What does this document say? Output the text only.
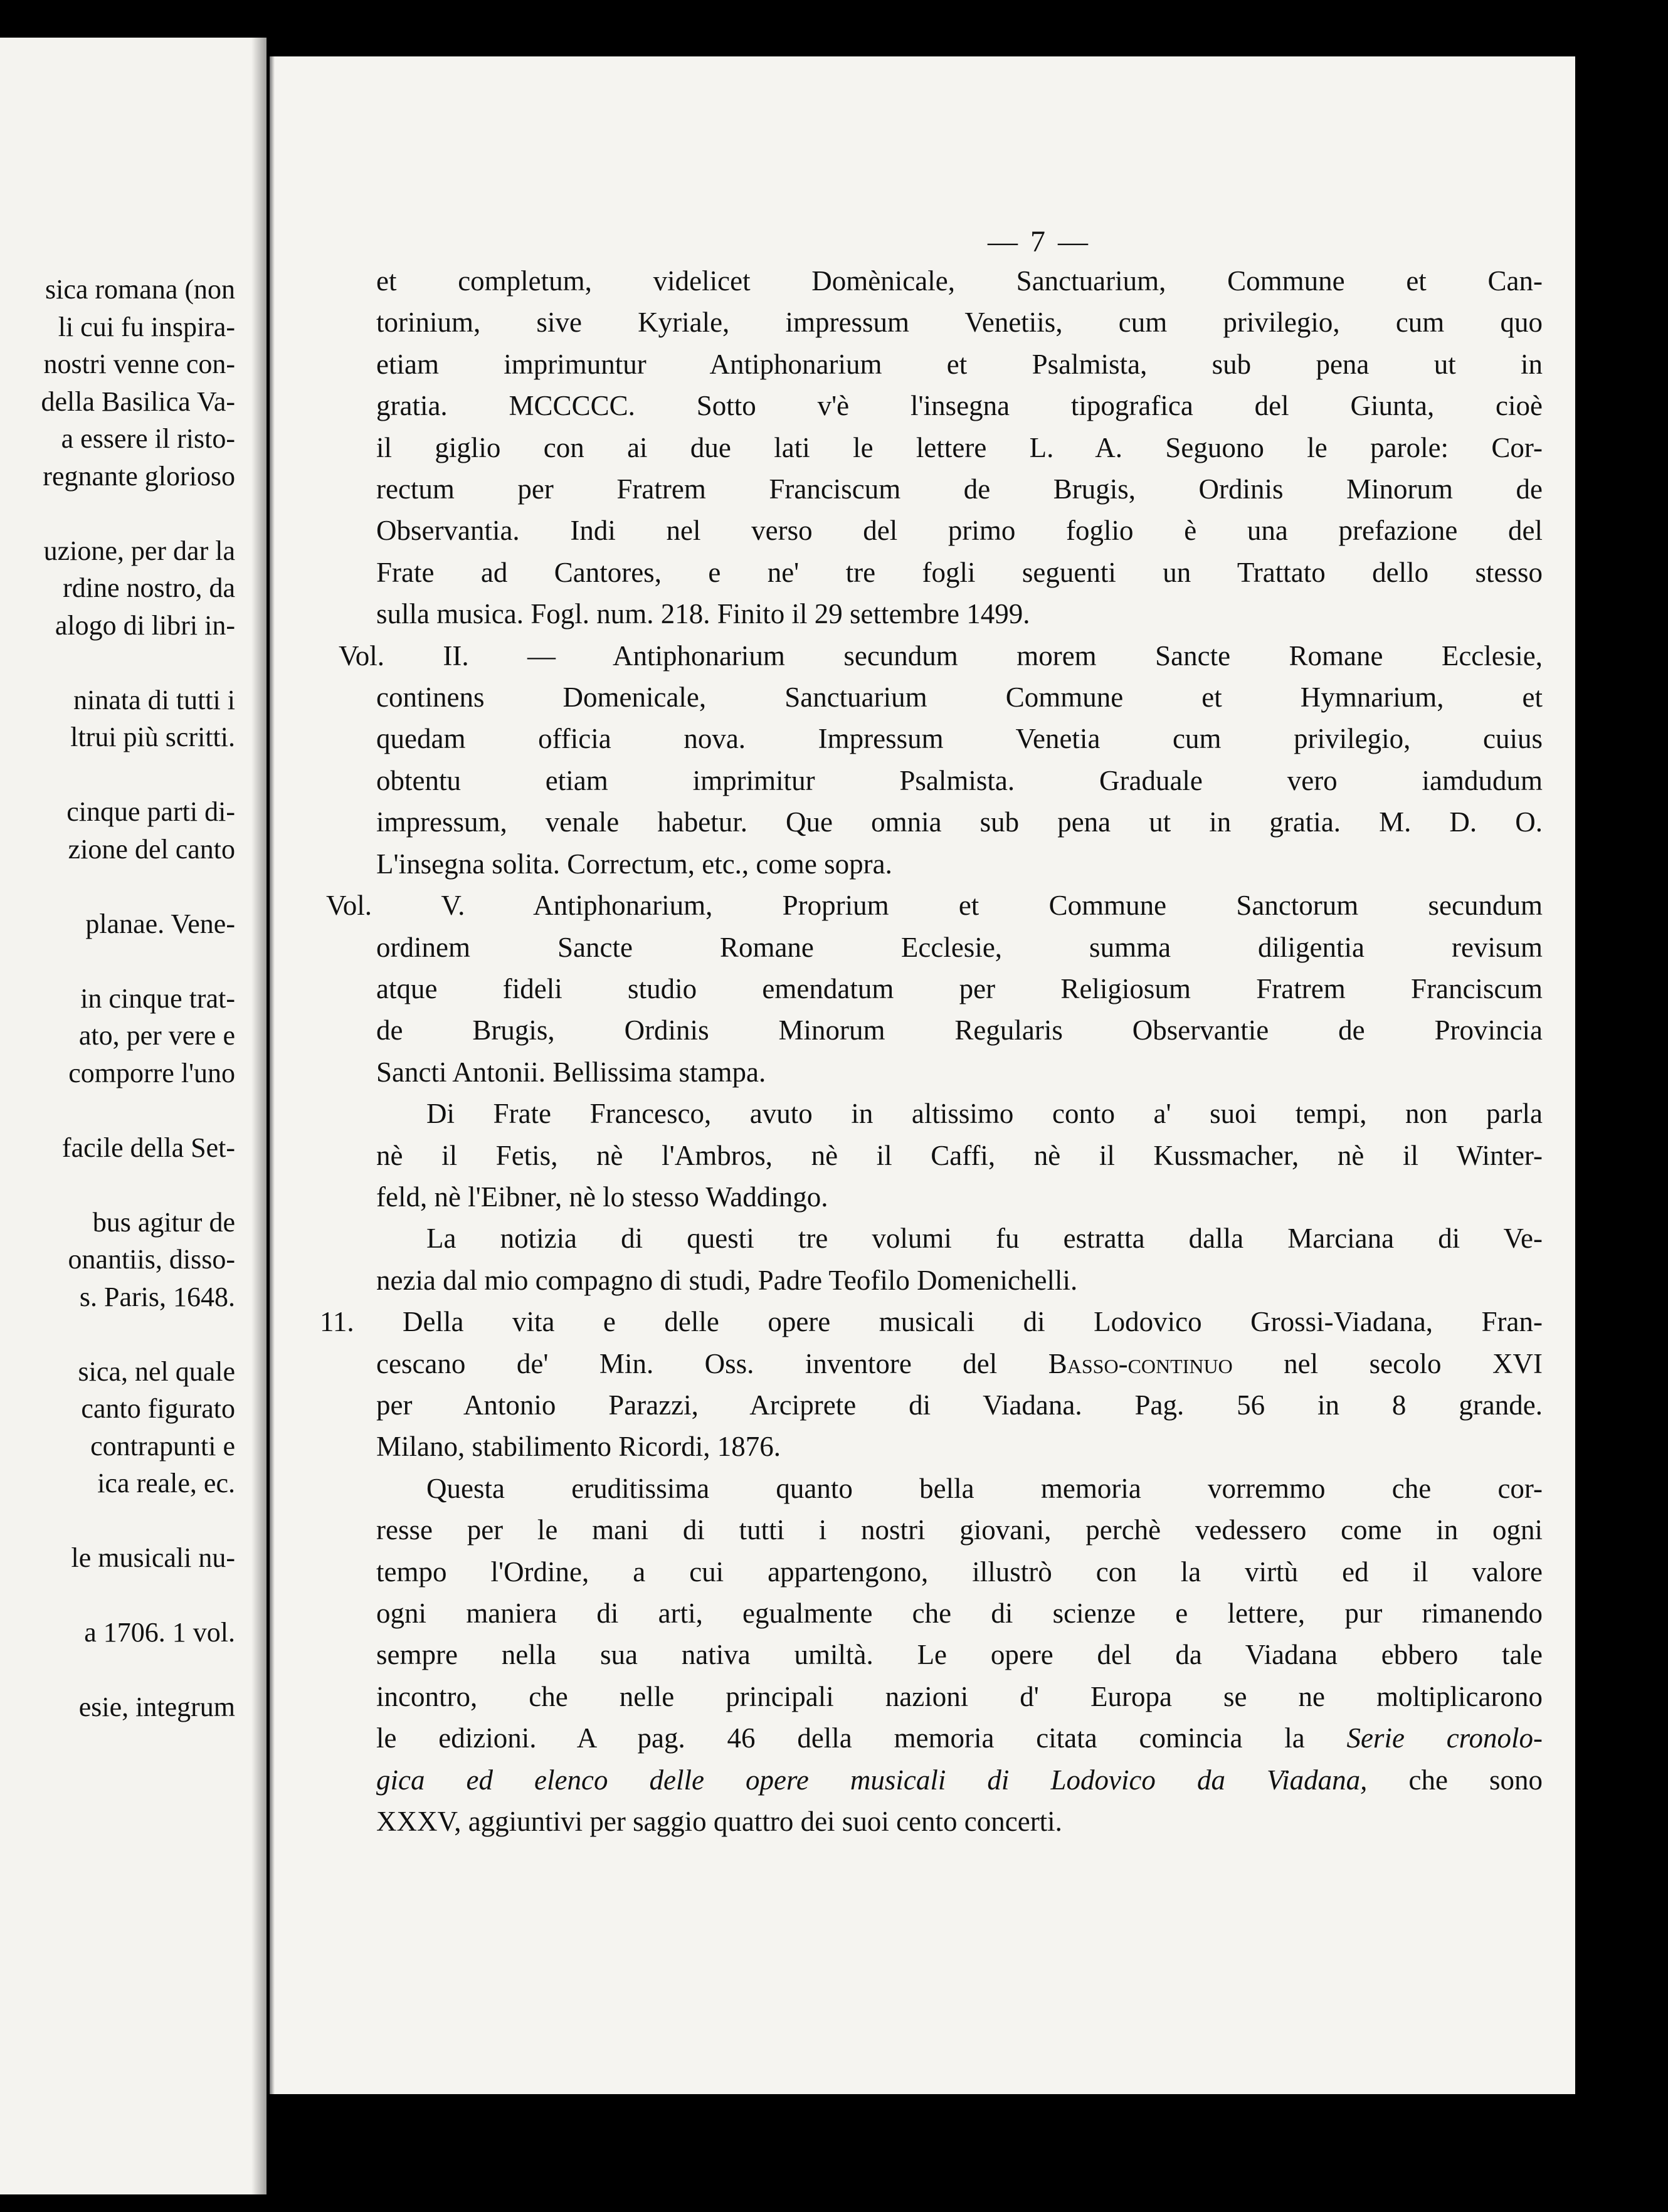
sica romana (non
li cui fu inspira-
nostri venne con-
della Basilica Va-
a essere il risto-
regnante glorioso
uzione, per dar la
rdine nostro, da
alogo di libri in-
ninata di tutti i
ltrui più scritti.
cinque parti di-
zione del canto
planae. Vene-
in cinque trat-
ato, per vere e
comporre l'uno
facile della Set-
bus agitur de
onantiis, disso-
s. Paris, 1648.
sica, nel quale
canto figurato
contrapunti e
ica reale, ec.
le musicali nu-
a 1706. 1 vol.
esie, integrum
— 7 —
et completum, videlicet Domènicale, Sanctuarium, Commune et Can-
torinium, sive Kyriale, impressum Venetiis, cum privilegio, cum quo
etiam imprimuntur Antiphonarium et Psalmista, sub pena ut in
gratia. MCCCCC. Sotto v'è l'insegna tipografica del Giunta, cioè
il giglio con ai due lati le lettere L. A. Seguono le parole: Cor-
rectum per Fratrem Franciscum de Brugis, Ordinis Minorum de
Observantia. Indi nel verso del primo foglio è una prefazione del
Frate ad Cantores, e ne' tre fogli seguenti un Trattato dello stesso
sulla musica. Fogl. num. 218. Finito il 29 settembre 1499.
Vol. II. — Antiphonarium secundum morem Sancte Romane Ecclesie,
continens Domenicale, Sanctuarium Commune et Hymnarium, et
quedam officia nova. Impressum Venetia cum privilegio, cuius
obtentu etiam imprimitur Psalmista. Graduale vero iamdudum
impressum, venale habetur. Que omnia sub pena ut in gratia. M. D. O.
L'insegna solita. Correctum, etc., come sopra.
Vol. V. Antiphonarium, Proprium et Commune Sanctorum secundum
ordinem Sancte Romane Ecclesie, summa diligentia revisum
atque fideli studio emendatum per Religiosum Fratrem Franciscum
de Brugis, Ordinis Minorum Regularis Observantie de Provincia
Sancti Antonii. Bellissima stampa.
Di Frate Francesco, avuto in altissimo conto a' suoi tempi, non parla
nè il Fetis, nè l'Ambros, nè il Caffi, nè il Kussmacher, nè il Winter-
feld, nè l'Eibner, nè lo stesso Waddingo.
La notizia di questi tre volumi fu estratta dalla Marciana di Ve-
nezia dal mio compagno di studi, Padre Teofilo Domenichelli.
11. Della vita e delle opere musicali di Lodovico Grossi-Viadana, Fran-
cescano de' Min. Oss. inventore del Basso-continuo nel secolo XVI
per Antonio Parazzi, Arciprete di Viadana. Pag. 56 in 8 grande.
Milano, stabilimento Ricordi, 1876.
Questa eruditissima quanto bella memoria vorremmo che cor-
resse per le mani di tutti i nostri giovani, perchè vedessero come in ogni
tempo l'Ordine, a cui appartengono, illustrò con la virtù ed il valore
ogni maniera di arti, egualmente che di scienze e lettere, pur rimanendo
sempre nella sua nativa umiltà. Le opere del da Viadana ebbero tale
incontro, che nelle principali nazioni d' Europa se ne moltiplicarono
le edizioni. A pag. 46 della memoria citata comincia la Serie cronolo-
gica ed elenco delle opere musicali di Lodovico da Viadana, che sono
XXXV, aggiuntivi per saggio quattro dei suoi cento concerti.
